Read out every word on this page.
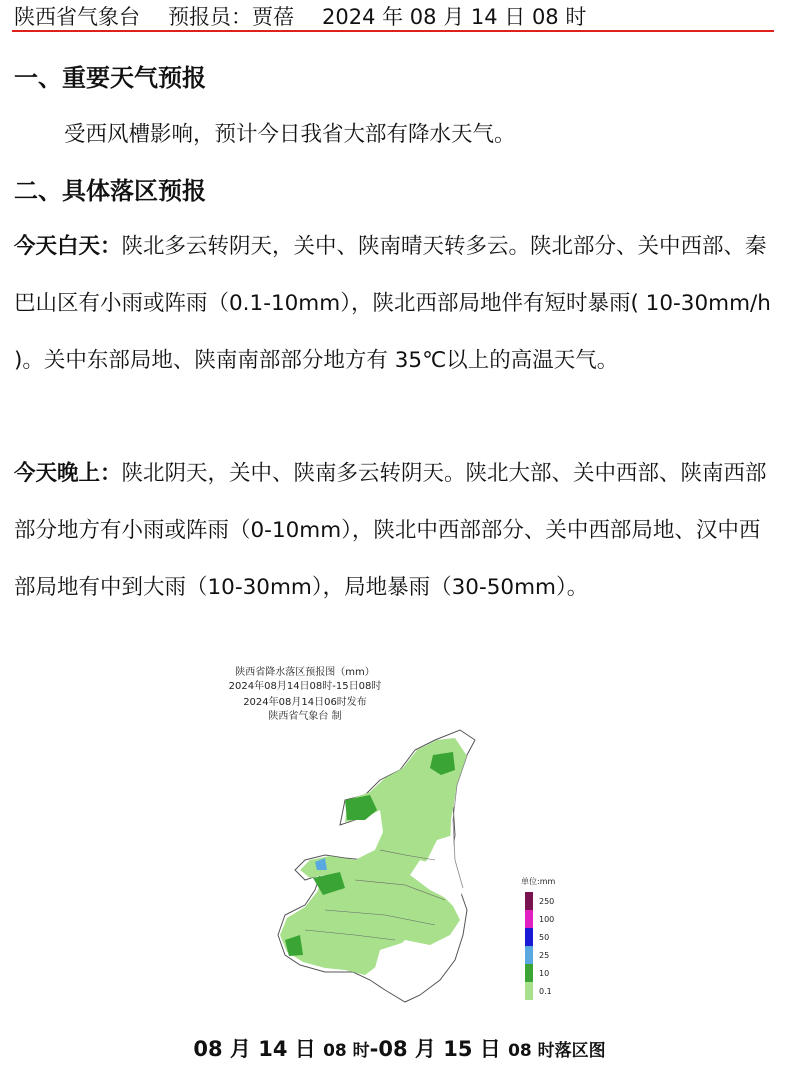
陕西省气象台 预报员：贾蓓 2024 年 08 月 14 日 08 时
一、重要天气预报
受西风槽影响，预计今日我省大部有降水天气。
二、具体落区预报
今天白天：陕北多云转阴天，关中、陕南晴天转多云。陕北部分、关中西部、秦巴山区有小雨或阵雨（0.1-10mm），陕北西部局地伴有短时暴雨( 10-30mm/h )。关中东部局地、陕南南部部分地方有 35℃以上的高温天气。
今天晚上：陕北阴天，关中、陕南多云转阴天。陕北大部、关中西部、陕南西部部分地方有小雨或阵雨（0-10mm），陕北中西部部分、关中西部局地、汉中西部局地有中到大雨（10-30mm），局地暴雨（30-50mm）。
陕西省降水落区预报图（mm）
2024年08月14日08时-15日08时
2024年08月14日06时发布
陕西省气象台 制
单位:mm
250
100
50
25
10
0.1
08 月 14 日 08 时-08 月 15 日 08 时落区图
